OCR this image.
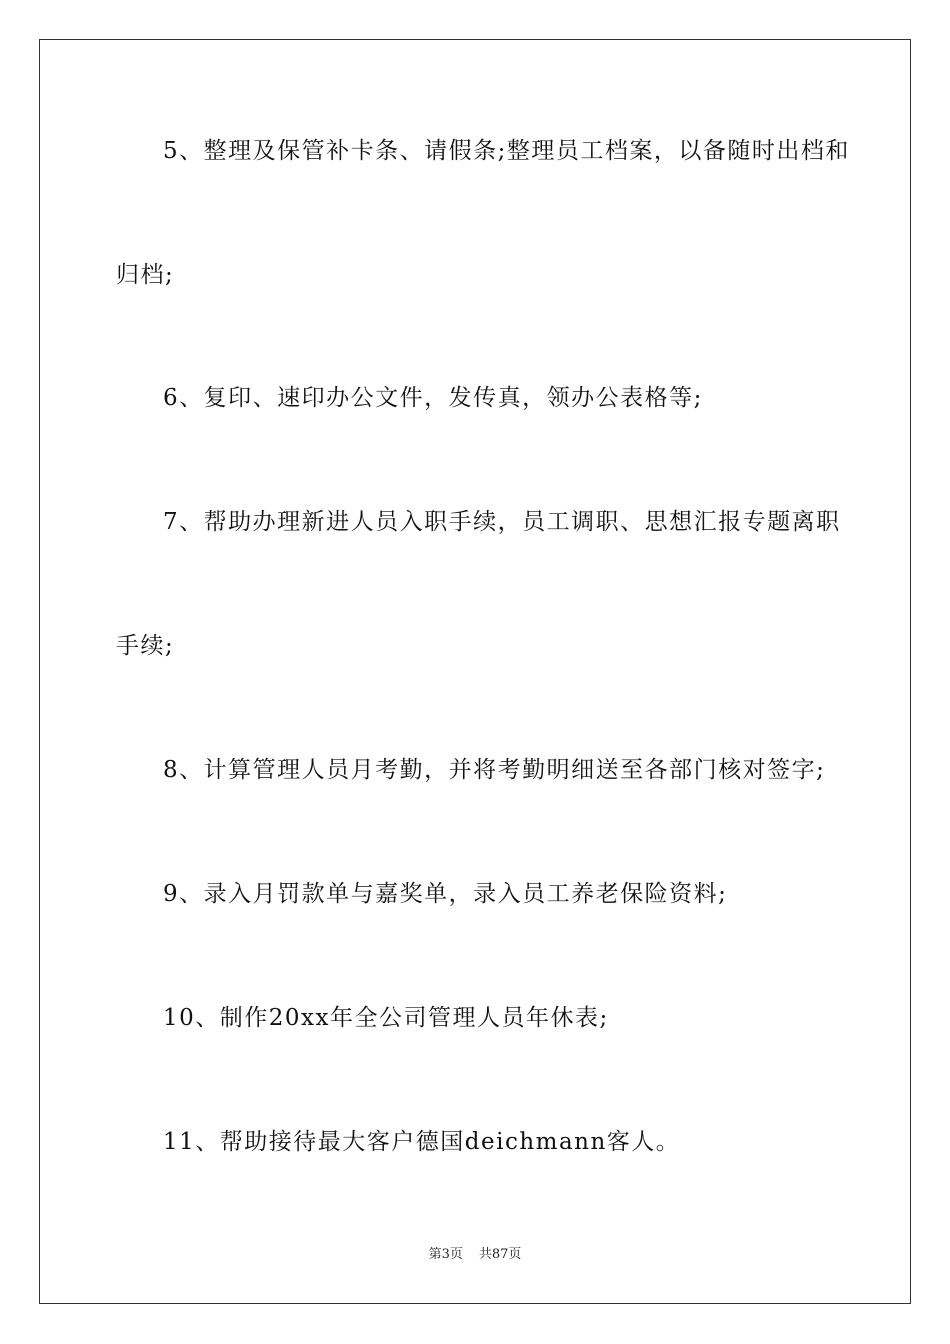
5、整理及保管补卡条、请假条;整理员工档案，以备随时出档和
归档;
6、复印、速印办公文件，发传真，领办公表格等;
7、帮助办理新进人员入职手续，员工调职、思想汇报专题离职
手续;
8、计算管理人员月考勤，并将考勤明细送至各部门核对签字;
9、录入月罚款单与嘉奖单，录入员工养老保险资料;
10、制作20xx年全公司管理人员年休表;
11、帮助接待最大客户德国deichmann客人。
第3页 共87页
